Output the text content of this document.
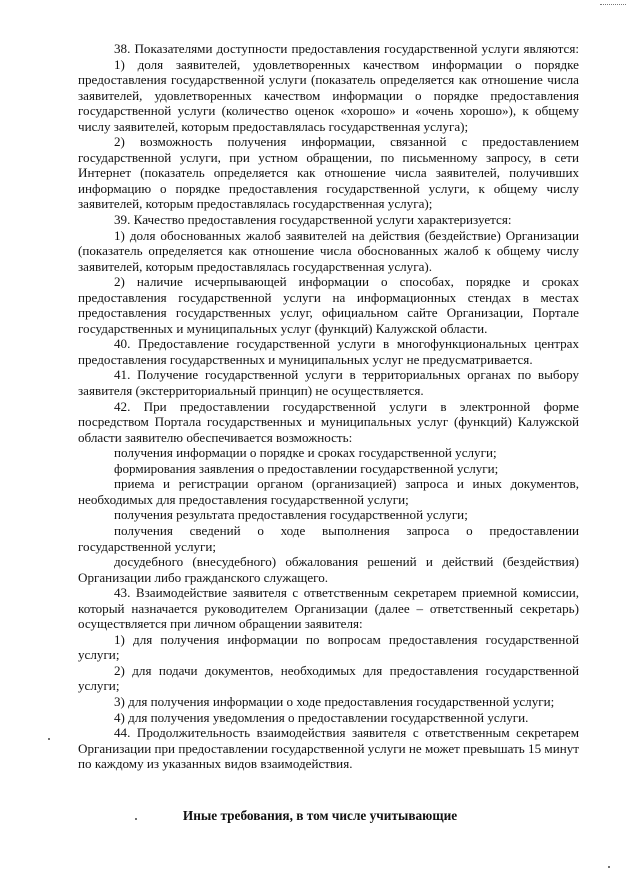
38. Показателями доступности предоставления государственной услуги являются:

1) доля заявителей, удовлетворенных качеством информации о порядке предоставления государственной услуги (показатель определяется как отношение числа заявителей, удовлетворенных качеством информации о порядке предоставления государственной услуги (количество оценок «хорошо» и «очень хорошо»), к общему числу заявителей, которым предоставлялась государственная услуга);

2) возможность получения информации, связанной с предоставлением государственной услуги, при устном обращении, по письменному запросу, в сети Интернет (показатель определяется как отношение числа заявителей, получивших информацию о порядке предоставления государственной услуги, к общему числу заявителей, которым предоставлялась государственная услуга);

39. Качество предоставления государственной услуги характеризуется:

1) доля обоснованных жалоб заявителей на действия (бездействие) Организации (показатель определяется как отношение числа обоснованных жалоб к общему числу заявителей, которым предоставлялась государственная услуга).

2) наличие исчерпывающей информации о способах, порядке и сроках предоставления государственной услуги на информационных стендах в местах предоставления государственных услуг, официальном сайте Организации, Портале государственных и муниципальных услуг (функций) Калужской области.

40. Предоставление государственной услуги в многофункциональных центрах предоставления государственных и муниципальных услуг не предусматривается.

41. Получение государственной услуги в территориальных органах по выбору заявителя (экстерриториальный принцип) не осуществляется.

42. При предоставлении государственной услуги в электронной форме посредством Портала государственных и муниципальных услуг (функций) Калужской области заявителю обеспечивается возможность:

получения информации о порядке и сроках государственной услуги;

формирования заявления о предоставлении государственной услуги;

приема и регистрации органом (организацией) запроса и иных документов, необходимых для предоставления государственной услуги;

получения результата предоставления государственной услуги;

получения сведений о ходе выполнения запроса о предоставлении государственной услуги;

досудебного (внесудебного) обжалования решений и действий (бездействия) Организации либо гражданского служащего.

43. Взаимодействие заявителя с ответственным секретарем приемной комиссии, который назначается руководителем Организации (далее – ответственный секретарь) осуществляется при личном обращении заявителя:

1) для получения информации по вопросам предоставления государственной услуги;

2) для подачи документов, необходимых для предоставления государственной услуги;

3) для получения информации о ходе предоставления государственной услуги;

4) для получения уведомления о предоставлении государственной услуги.

44. Продолжительность взаимодействия заявителя с ответственным секретарем Организации при предоставлении государственной услуги не может превышать 15 минут по каждому из указанных видов взаимодействия.

Иные требования, в том числе учитывающие
